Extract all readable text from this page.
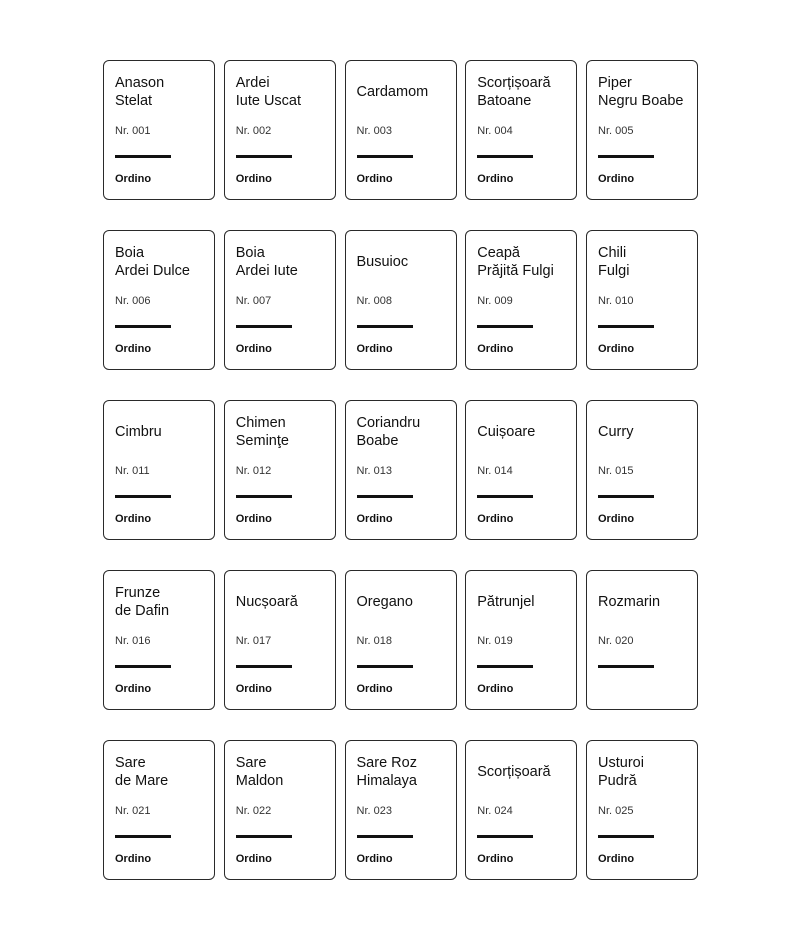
Anason
Stelat
Nr. 001
Ordino
Ardei
Iute Uscat
Nr. 002
Ordino
Cardamom
Nr. 003
Ordino
Scorțișoară
Batoane
Nr. 004
Ordino
Piper
Negru Boabe
Nr. 005
Ordino
Boia
Ardei Dulce
Nr. 006
Ordino
Boia
Ardei Iute
Nr. 007
Ordino
Busuioc
Nr. 008
Ordino
Ceapă
Prăjită Fulgi
Nr. 009
Ordino
Chili
Fulgi
Nr. 010
Ordino
Cimbru
Nr. 011
Ordino
Chimen
Seminţe
Nr. 012
Ordino
Coriandru
Boabe
Nr. 013
Ordino
Cuișoare
Nr. 014
Ordino
Curry
Nr. 015
Ordino
Frunze
de Dafin
Nr. 016
Ordino
Nucșoară
Nr. 017
Ordino
Oregano
Nr. 018
Ordino
Pătrunjel
Nr. 019
Ordino
Rozmarin
Nr. 020
Sare
de Mare
Nr. 021
Ordino
Sare
Maldon
Nr. 022
Ordino
Sare Roz
Himalaya
Nr. 023
Ordino
Scorțișoară
Nr. 024
Ordino
Usturoi
Pudră
Nr. 025
Ordino
